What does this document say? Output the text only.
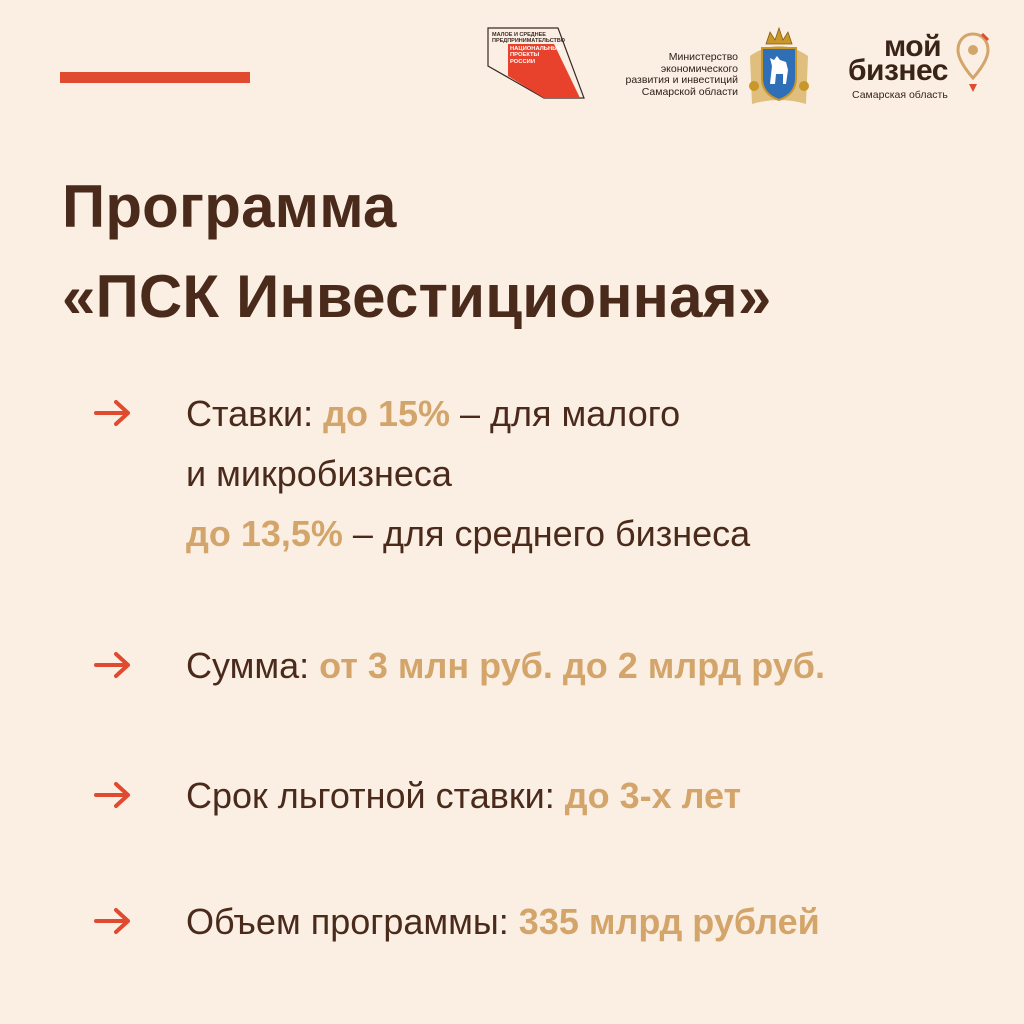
МАЛОЕ И СРЕДНЕЕ ПРЕДПРИНИМАТЕЛЬСТВО
НАЦИОНАЛЬНЫЕ ПРОЕКТЫ РОССИИ	Министерство
экономического
развития и инвестиций
Самарской области
мой
бизнес
Самарская область
Программа
«ПСК Инвестиционная»
Ставки: до 15% – для малого
и микробизнеса
до 13,5% – для среднего бизнеса
Сумма: от 3 млн руб. до 2 млрд руб.
Срок льготной ставки: до 3-х лет
Объем программы: 335 млрд рублей
